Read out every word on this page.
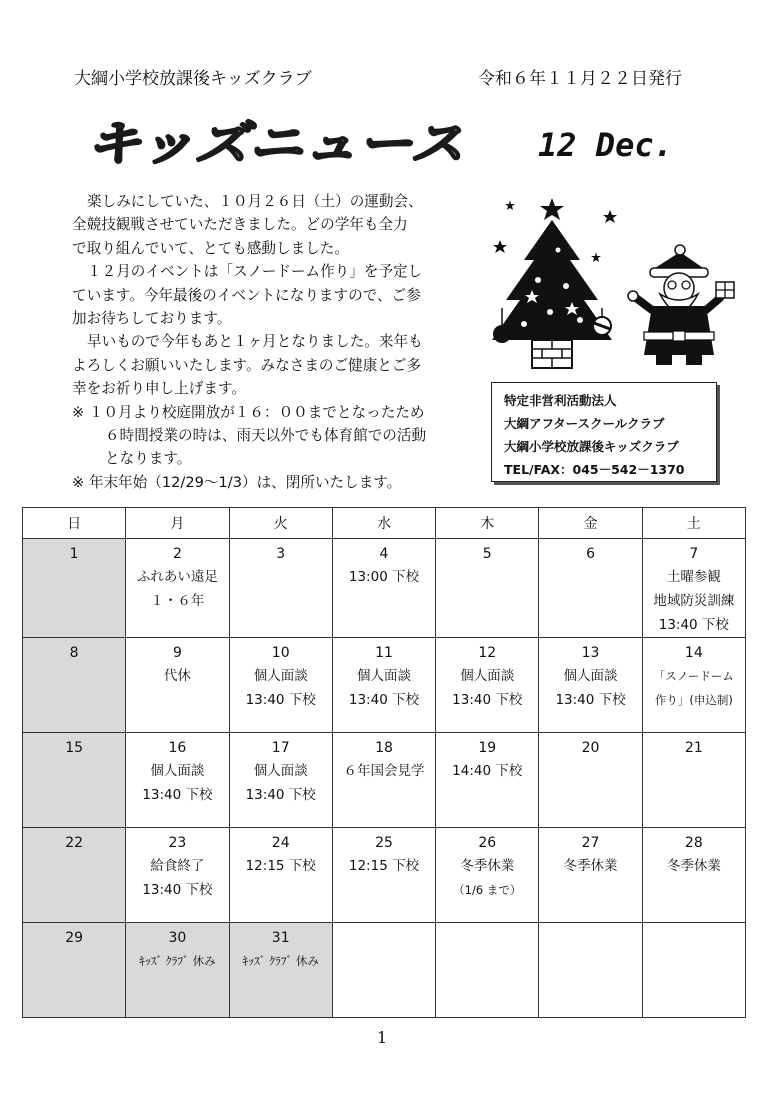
大綱小学校放課後キッズクラブ	令和６年１１月２２日発行
キッズニュース 12 Dec.

楽しみにしていた、１０月２６日（土）の運動会、

全競技観戦させていただきました。どの学年も全力

で取り組んでいて、とても感動しました。

１２月のイベントは「スノードーム作り」を予定し

ています。今年最後のイベントになりますので、ご参

加お待ちしております。

早いもので今年もあと１ヶ月となりました。来年も

よろしくお願いいたします。みなさまのご健康とご多

幸をお祈り申し上げます。

※ １０月より校庭開放が１６：００までとなったため

６時間授業の時は、雨天以外でも体育館での活動

となります。

※ 年末年始（12/29～1/3）は、閉所いたします。

特定非営利活動法人
大綱アフタースクールクラブ
大綱小学校放課後キッズクラブ
TEL/FAX：045－542－1370
日	月	火	水	木	金	土

1	2
ふれあい遠足
１・６年	3	4
13:00 下校	5	6	7
土曜参観
地域防災訓練
13:40 下校

8	9
代休	10
個人面談
13:40 下校	11
個人面談
13:40 下校	12
個人面談
13:40 下校	13
個人面談
13:40 下校	14
「スノードーム
作り」(申込制)

15	16
個人面談
13:40 下校	17
個人面談
13:40 下校	18
６年国会見学	19
14:40 下校	20	21

22	23
給食終了
13:40 下校	24
12:15 下校	25
12:15 下校	26
冬季休業
（1/6 まで）	27
冬季休業	28
冬季休業

29	30
ｷｯｽﾞ ｸﾗﾌﾞ 休み	31
ｷｯｽﾞ ｸﾗﾌﾞ 休み				

1
